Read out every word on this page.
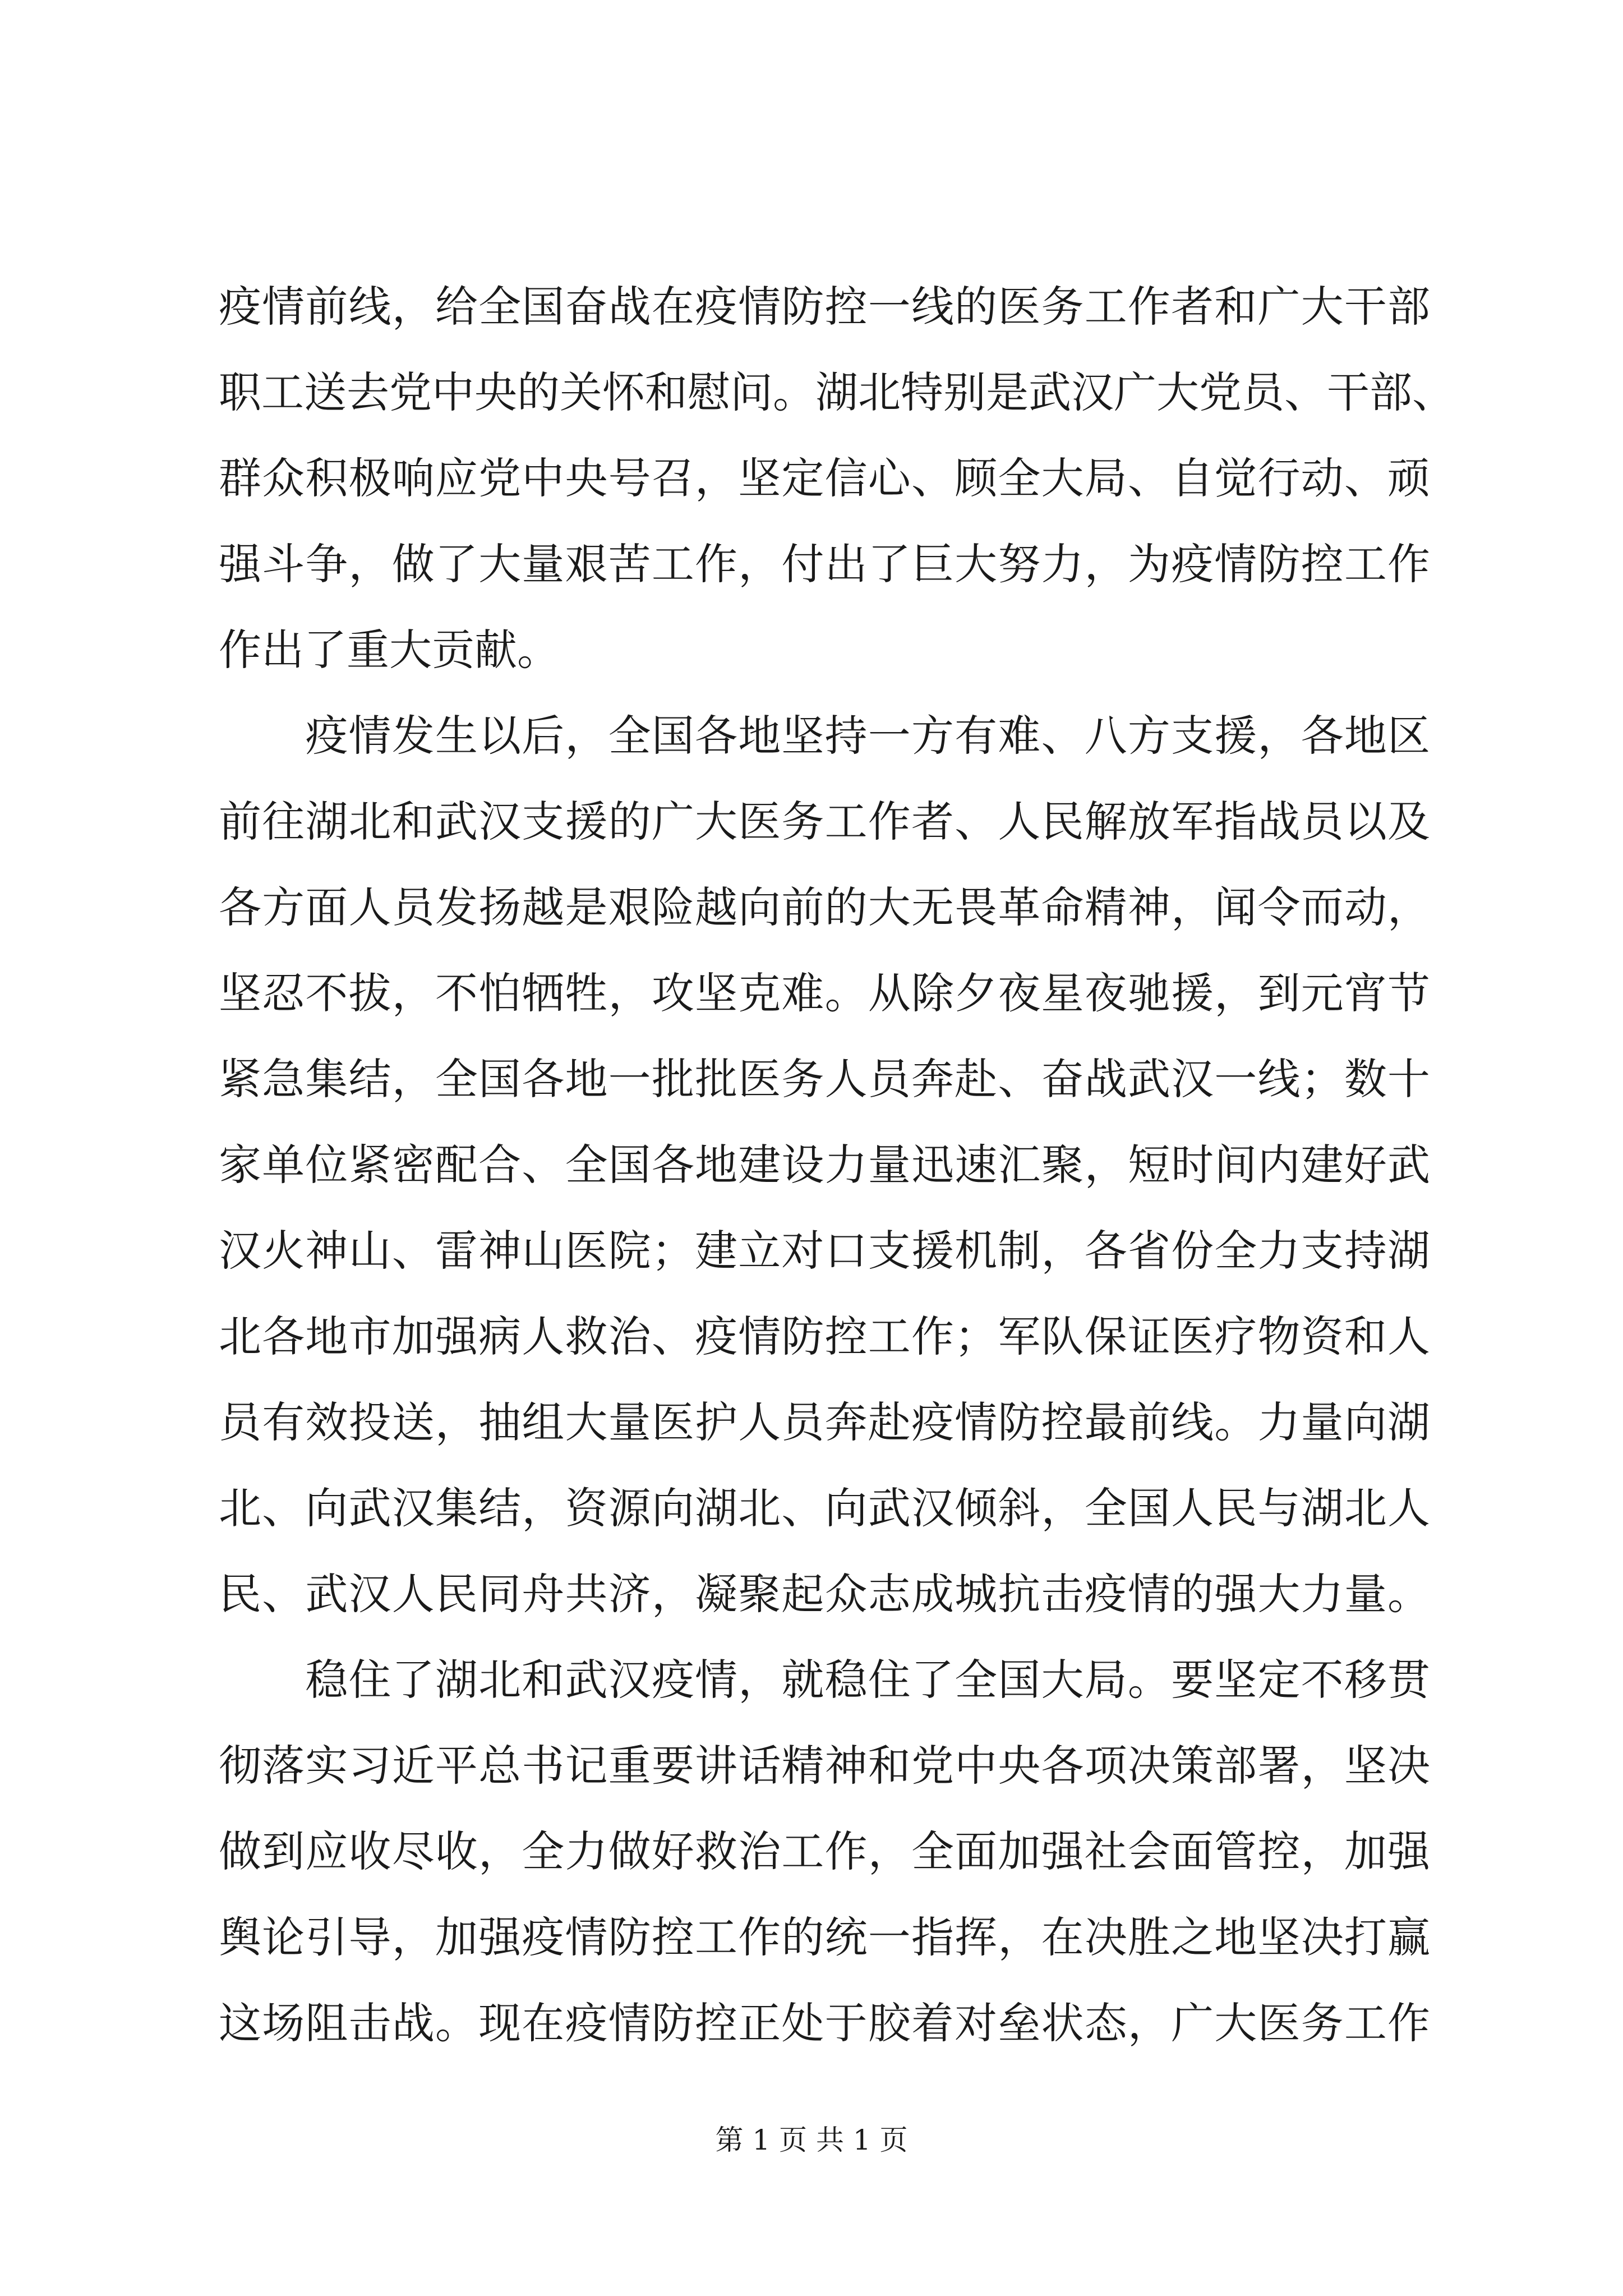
疫情前线，给全国奋战在疫情防控一线的医务工作者和广大干部
职工送去党中央的关怀和慰问。湖北特别是武汉广大党员、干部、
群众积极响应党中央号召，坚定信心、顾全大局、自觉行动、顽
强斗争，做了大量艰苦工作，付出了巨大努力，为疫情防控工作
作出了重大贡献。
　　疫情发生以后，全国各地坚持一方有难、八方支援，各地区
前往湖北和武汉支援的广大医务工作者、人民解放军指战员以及
各方面人员发扬越是艰险越向前的大无畏革命精神，闻令而动，
坚忍不拔，不怕牺牲，攻坚克难。从除夕夜星夜驰援，到元宵节
紧急集结，全国各地一批批医务人员奔赴、奋战武汉一线；数十
家单位紧密配合、全国各地建设力量迅速汇聚，短时间内建好武
汉火神山、雷神山医院；建立对口支援机制，各省份全力支持湖
北各地市加强病人救治、疫情防控工作；军队保证医疗物资和人
员有效投送，抽组大量医护人员奔赴疫情防控最前线。力量向湖
北、向武汉集结，资源向湖北、向武汉倾斜，全国人民与湖北人
民、武汉人民同舟共济，凝聚起众志成城抗击疫情的强大力量。
　　稳住了湖北和武汉疫情，就稳住了全国大局。要坚定不移贯
彻落实习近平总书记重要讲话精神和党中央各项决策部署，坚决
做到应收尽收，全力做好救治工作，全面加强社会面管控，加强
舆论引导，加强疫情防控工作的统一指挥，在决胜之地坚决打赢
这场阻击战。现在疫情防控正处于胶着对垒状态，广大医务工作
第 1 页 共 1 页
